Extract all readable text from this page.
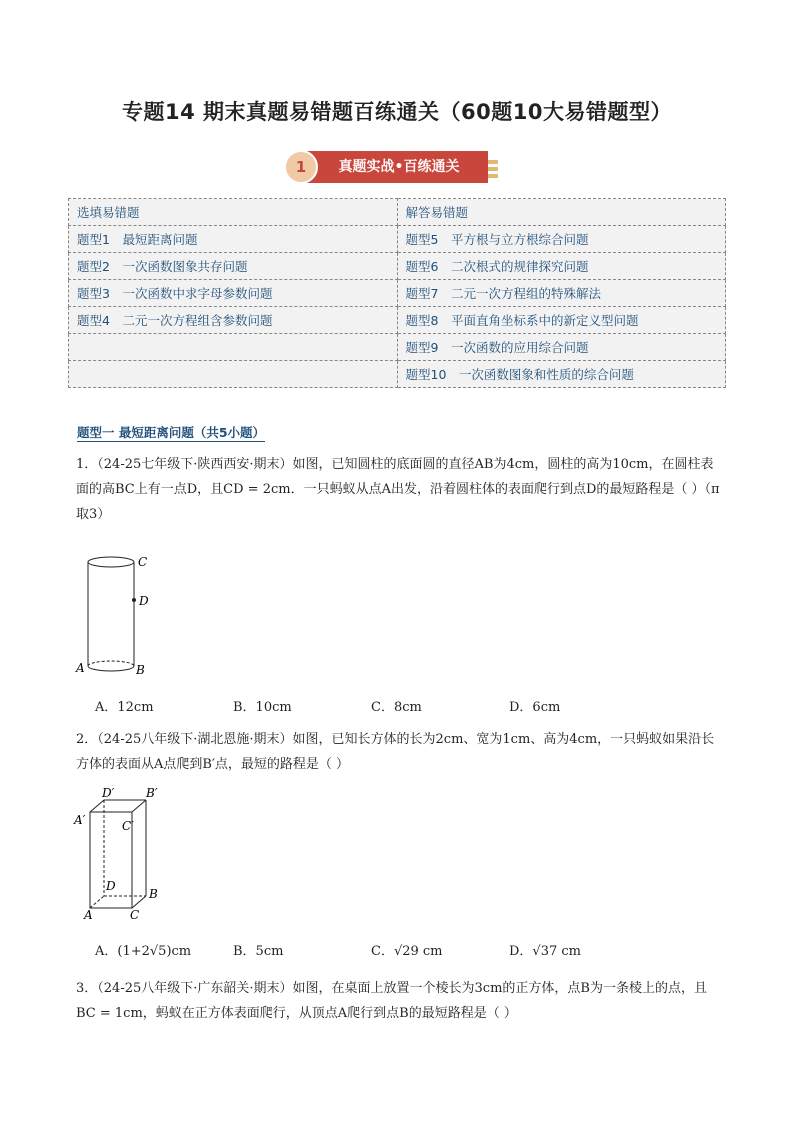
专题14 期末真题易错题百练通关（60题10大易错题型）
真题实战•百练通关
1
选填易错题	解答易错题
题型1　最短距离问题	题型5　平方根与立方根综合问题
题型2　一次函数图象共存问题	题型6　二次根式的规律探究问题
题型3　一次函数中求字母参数问题	题型7　二元一次方程组的特殊解法
题型4　二元一次方程组含参数问题	题型8　平面直角坐标系中的新定义型问题
	题型9　一次函数的应用综合问题
	题型10　一次函数图象和性质的综合问题
题型一 最短距离问题（共5小题）
1．（24-25七年级下·陕西西安·期末）如图，已知圆柱的底面圆的直径AB为4cm，圆柱的高为10cm，在圆柱表面的高BC上有一点D，且CD = 2cm．一只蚂蚁从点A出发，沿着圆柱体的表面爬行到点D的最短路程是（ ）（π取3）
C
D
A	B
A．12cm	B．10cm	C．8cm	D．6cm
2．（24-25八年级下·湖北恩施·期末）如图，已知长方体的长为2cm、宽为1cm、高为4cm，一只蚂蚁如果沿长方体的表面从A点爬到B′点，最短的路程是（ ）
D′	B′
A′	C′
D
B
A	C
A．(1+2√5)cm	B．5cm	C．√29 cm	D．√37 cm
3．（24-25八年级下·广东韶关·期末）如图，在桌面上放置一个棱长为3cm的正方体，点B为一条棱上的点，且BC = 1cm，蚂蚁在正方体表面爬行，从顶点A爬行到点B的最短路程是（ ）
